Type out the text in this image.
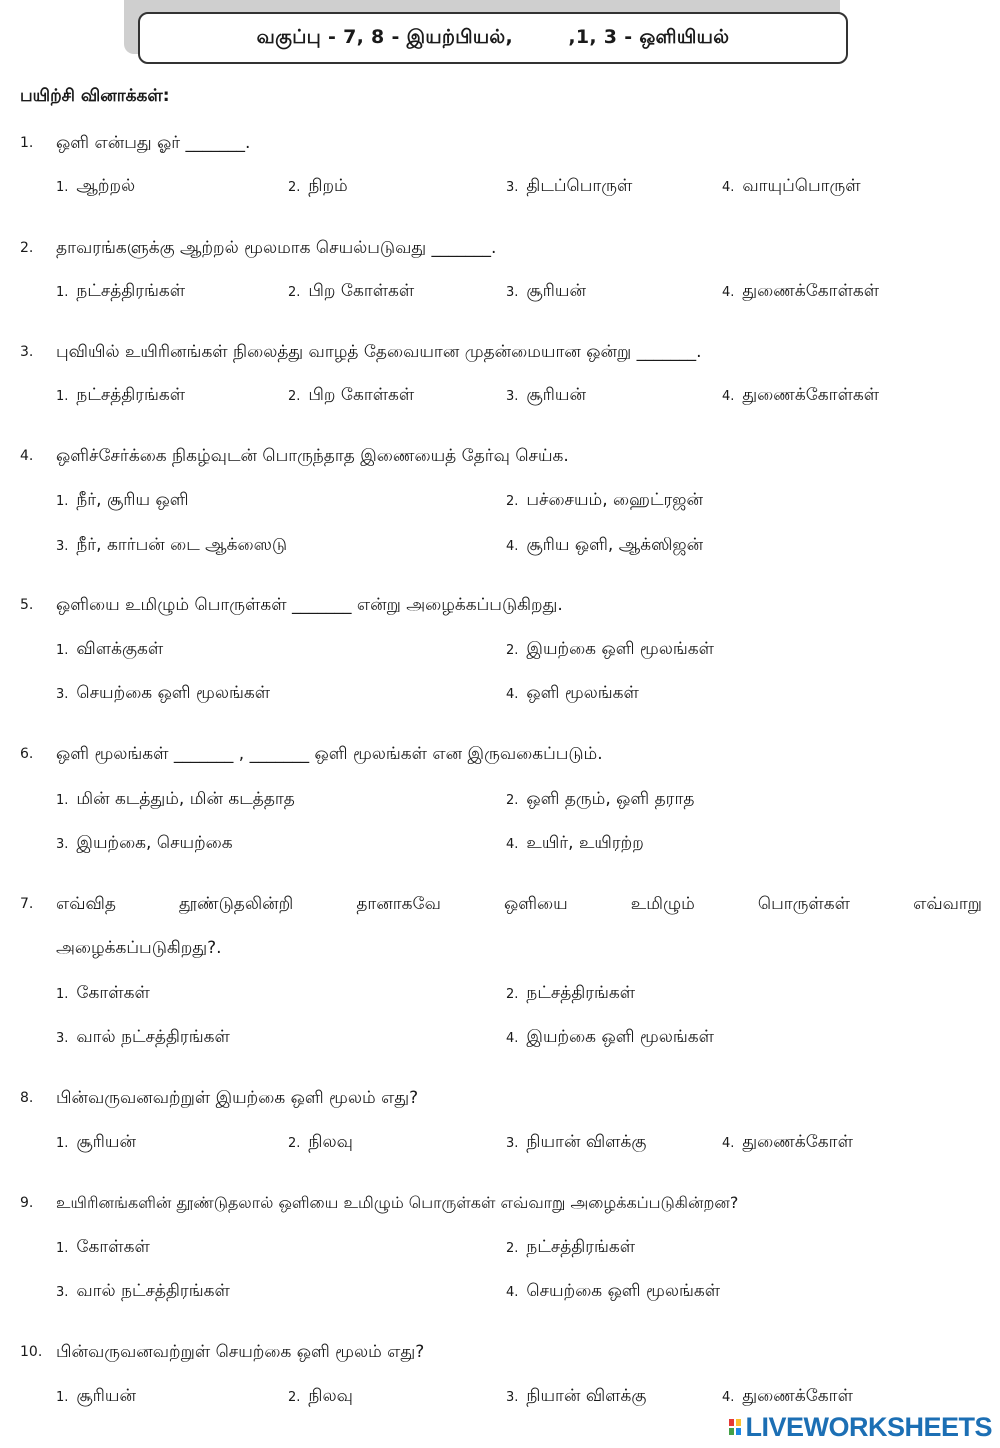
வகுப்பு - 7, 8 - இயற்பியல்,        ,1, 3 - ஒளியியல்
பயிற்சி வினாக்கள்:
1. ஒளி என்பது ஓர் _______.
1. ஆற்றல்	2. நிறம்	3. திடப்பொருள்	4. வாயுப்பொருள்
2. தாவரங்களுக்கு ஆற்றல் மூலமாக செயல்படுவது _______.
1. நட்சத்திரங்கள்	2. பிற கோள்கள்	3. சூரியன்	4. துணைக்கோள்கள்
3. புவியில் உயிரினங்கள் நிலைத்து வாழத் தேவையான முதன்மையான ஒன்று _______.
1. நட்சத்திரங்கள்	2. பிற கோள்கள்	3. சூரியன்	4. துணைக்கோள்கள்
4. ஒளிச்சேர்க்கை நிகழ்வுடன் பொருந்தாத இணையைத் தேர்வு செய்க.
1. நீர், சூரிய ஒளி	2. பச்சையம், ஹைட்ரஜன்
3. நீர், கார்பன் டை ஆக்ஸைடு	4. சூரிய ஒளி, ஆக்ஸிஜன்
5. ஒளியை உமிழும் பொருள்கள் _______ என்று அழைக்கப்படுகிறது.
1. விளக்குகள்	2. இயற்கை ஒளி மூலங்கள்
3. செயற்கை ஒளி மூலங்கள்	4. ஒளி மூலங்கள்
6. ஒளி மூலங்கள் _______ , _______ ஒளி மூலங்கள் என இருவகைப்படும்.
1. மின் கடத்தும், மின் கடத்தாத	2. ஒளி தரும், ஒளி தராத
3. இயற்கை, செயற்கை	4. உயிர், உயிரற்ற
7. எவ்வித	தூண்டுதலின்றி	தானாகவே	ஒளியை	உமிழும்	பொருள்கள்	எவ்வாறு
அழைக்கப்படுகிறது?.
1. கோள்கள்	2. நட்சத்திரங்கள்
3. வால் நட்சத்திரங்கள்	4. இயற்கை ஒளி மூலங்கள்
8. பின்வருவனவற்றுள் இயற்கை ஒளி மூலம் எது?
1. சூரியன்	2. நிலவு	3. நியான் விளக்கு	4. துணைக்கோள்
9. உயிரினங்களின் தூண்டுதலால் ஒளியை உமிழும் பொருள்கள் எவ்வாறு அழைக்கப்படுகின்றன?
1. கோள்கள்	2. நட்சத்திரங்கள்
3. வால் நட்சத்திரங்கள்	4. செயற்கை ஒளி மூலங்கள்
10. பின்வருவனவற்றுள் செயற்கை ஒளி மூலம் எது?
1. சூரியன்	2. நிலவு	3. நியான் விளக்கு	4. துணைக்கோள்
LIVEWORKSHEETS
